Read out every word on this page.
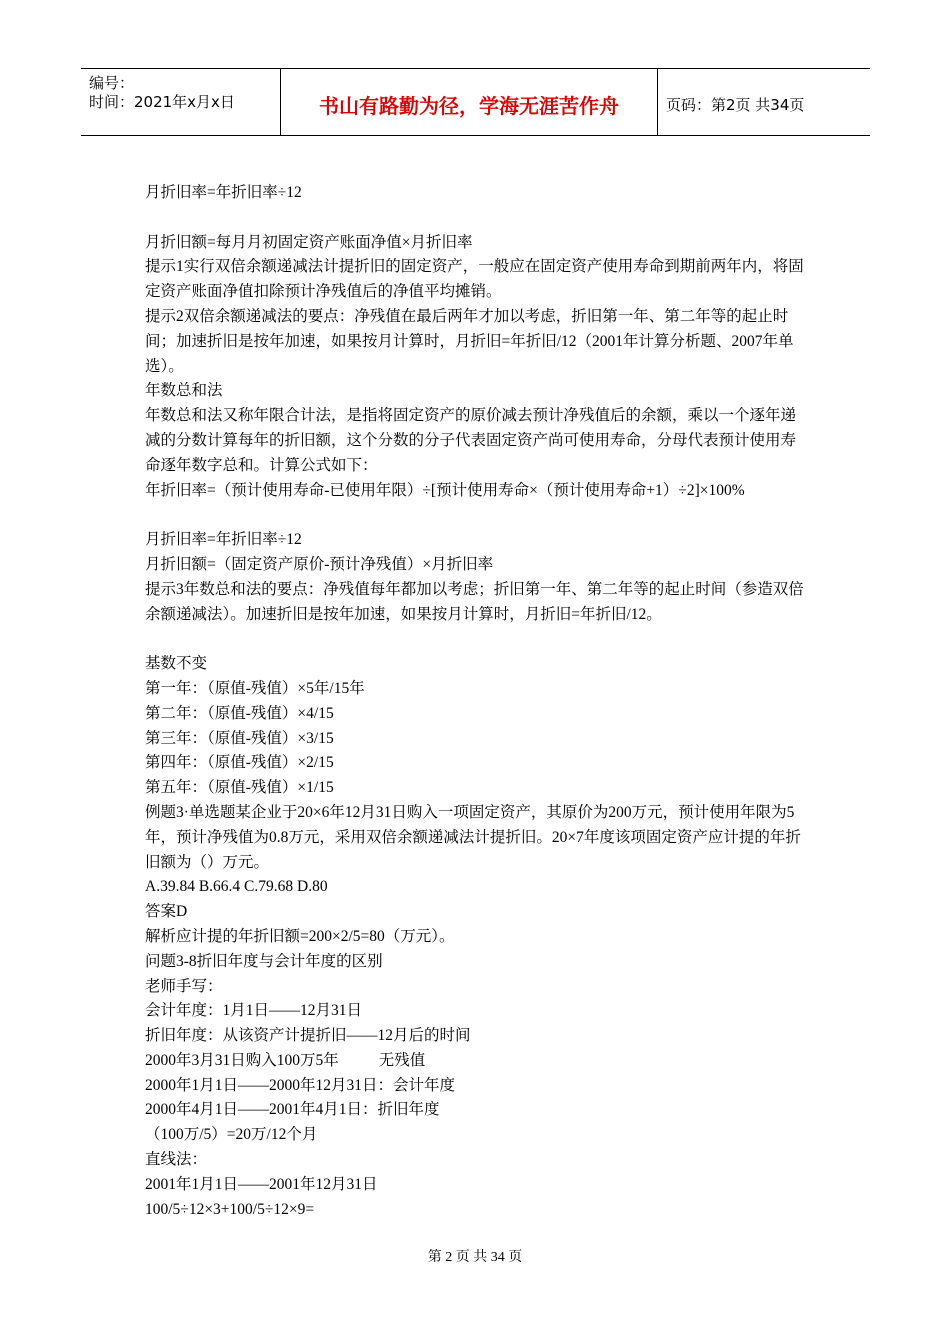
编号：
时间：2021年x月x日	书山有路勤为径，学海无涯苦作舟	页码：第2页 共34页

月折旧率=年折旧率÷12

月折旧额=每月月初固定资产账面净值×月折旧率

提示1实行双倍余额递减法计提折旧的固定资产，一般应在固定资产使用寿命到期前两年内，将固定资产账面净值扣除预计净残值后的净值平均摊销。

提示2双倍余额递减法的要点：净残值在最后两年才加以考虑，折旧第一年、第二年等的起止时间；加速折旧是按年加速，如果按月计算时，月折旧=年折旧/12（2001年计算分析题、2007年单选）。

年数总和法

年数总和法又称年限合计法，是指将固定资产的原价减去预计净残值后的余额，乘以一个逐年递减的分数计算每年的折旧额，这个分数的分子代表固定资产尚可使用寿命，分母代表预计使用寿命逐年数字总和。计算公式如下：

年折旧率=（预计使用寿命-已使用年限）÷[预计使用寿命×（预计使用寿命+1）÷2]×100%

月折旧率=年折旧率÷12

月折旧额=（固定资产原价-预计净残值）×月折旧率

提示3年数总和法的要点：净残值每年都加以考虑；折旧第一年、第二年等的起止时间（参造双倍余额递减法）。加速折旧是按年加速，如果按月计算时，月折旧=年折旧/12。

基数不变

第一年：（原值-残值）×5年/15年

第二年：（原值-残值）×4/15

第三年：（原值-残值）×3/15

第四年：（原值-残值）×2/15

第五年：（原值-残值）×1/15

例题3·单选题某企业于20×6年12月31日购入一项固定资产，其原价为200万元，预计使用年限为5年，预计净残值为0.8万元，采用双倍余额递减法计提折旧。20×7年度该项固定资产应计提的年折旧额为（）万元。

A.39.84 B.66.4 C.79.68 D.80

答案D

解析应计提的年折旧额=200×2/5=80（万元）。

问题3-8折旧年度与会计年度的区别

老师手写：

会计年度：1月1日——12月31日

折旧年度：从该资产计提折旧——12月后的时间

2000年3月31日购入100万5年	无残值

2000年1月1日——2000年12月31日：会计年度

2000年4月1日——2001年4月1日：折旧年度

（100万/5）=20万/12个月

直线法：

2001年1月1日——2001年12月31日

100/5÷12×3+100/5÷12×9=

第 2 页 共 34 页
